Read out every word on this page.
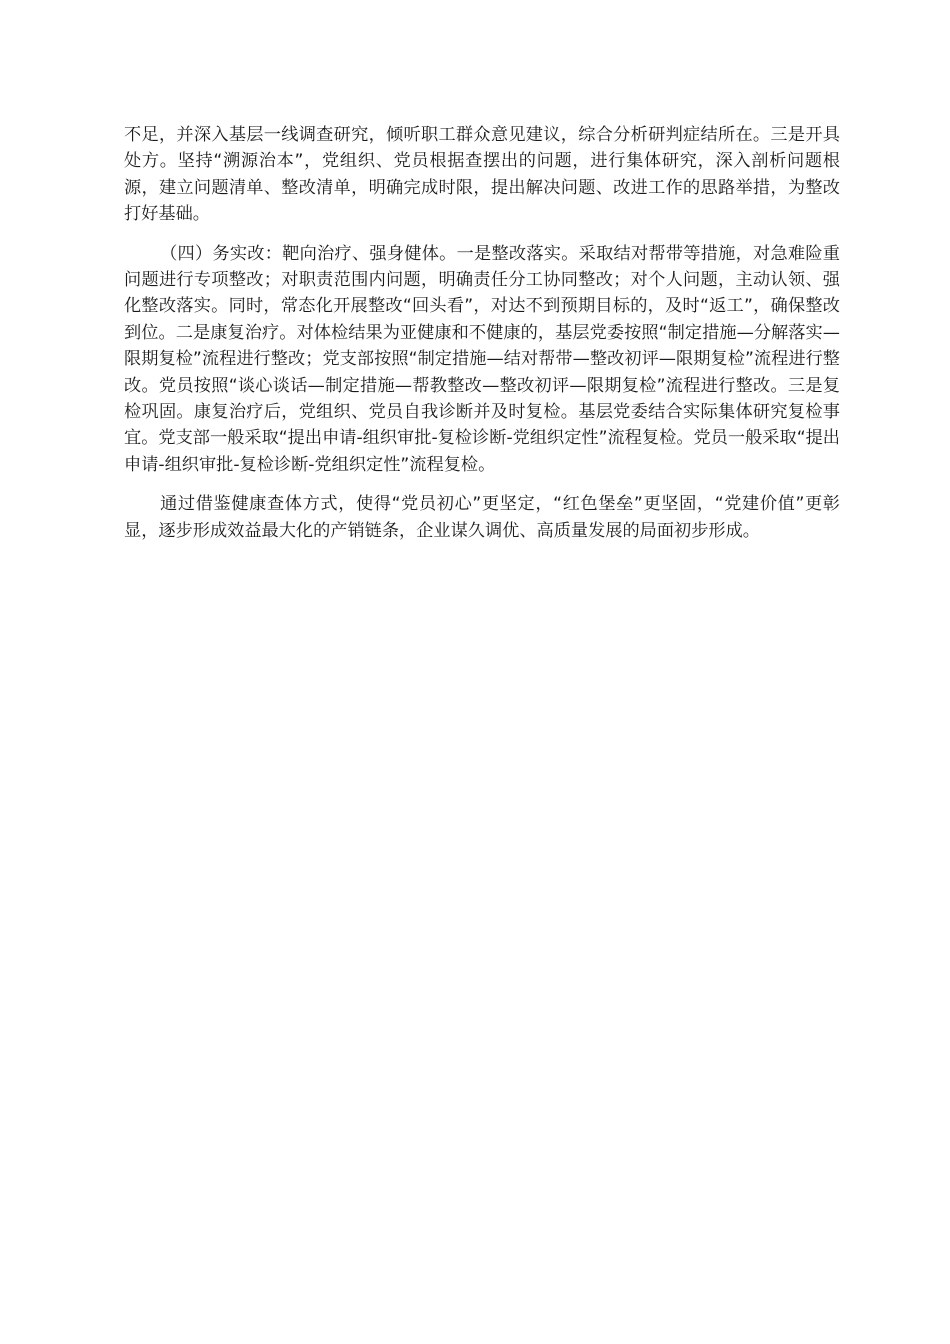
不足，并深入基层一线调查研究，倾听职工群众意见建议，综合分析研判症结所在。三是开具处方。坚持“溯源治本”，党组织、党员根据查摆出的问题，进行集体研究，深入剖析问题根源，建立问题清单、整改清单，明确完成时限，提出解决问题、改进工作的思路举措，为整改打好基础。

（四）务实改：靶向治疗、强身健体。一是整改落实。采取结对帮带等措施，对急难险重问题进行专项整改；对职责范围内问题，明确责任分工协同整改；对个人问题，主动认领、强化整改落实。同时，常态化开展整改“回头看”，对达不到预期目标的，及时“返工”，确保整改到位。二是康复治疗。对体检结果为亚健康和不健康的，基层党委按照“制定措施—分解落实—限期复检”流程进行整改；党支部按照“制定措施—结对帮带—整改初评—限期复检”流程进行整改。党员按照“谈心谈话—制定措施—帮教整改—整改初评—限期复检”流程进行整改。三是复检巩固。康复治疗后，党组织、党员自我诊断并及时复检。基层党委结合实际集体研究复检事宜。党支部一般采取“提出申请-组织审批-复检诊断-党组织定性”流程复检。党员一般采取“提出申请-组织审批-复检诊断-党组织定性”流程复检。

通过借鉴健康查体方式，使得“党员初心”更坚定，“红色堡垒”更坚固，“党建价值”更彰显，逐步形成效益最大化的产销链条，企业谋久调优、高质量发展的局面初步形成。
